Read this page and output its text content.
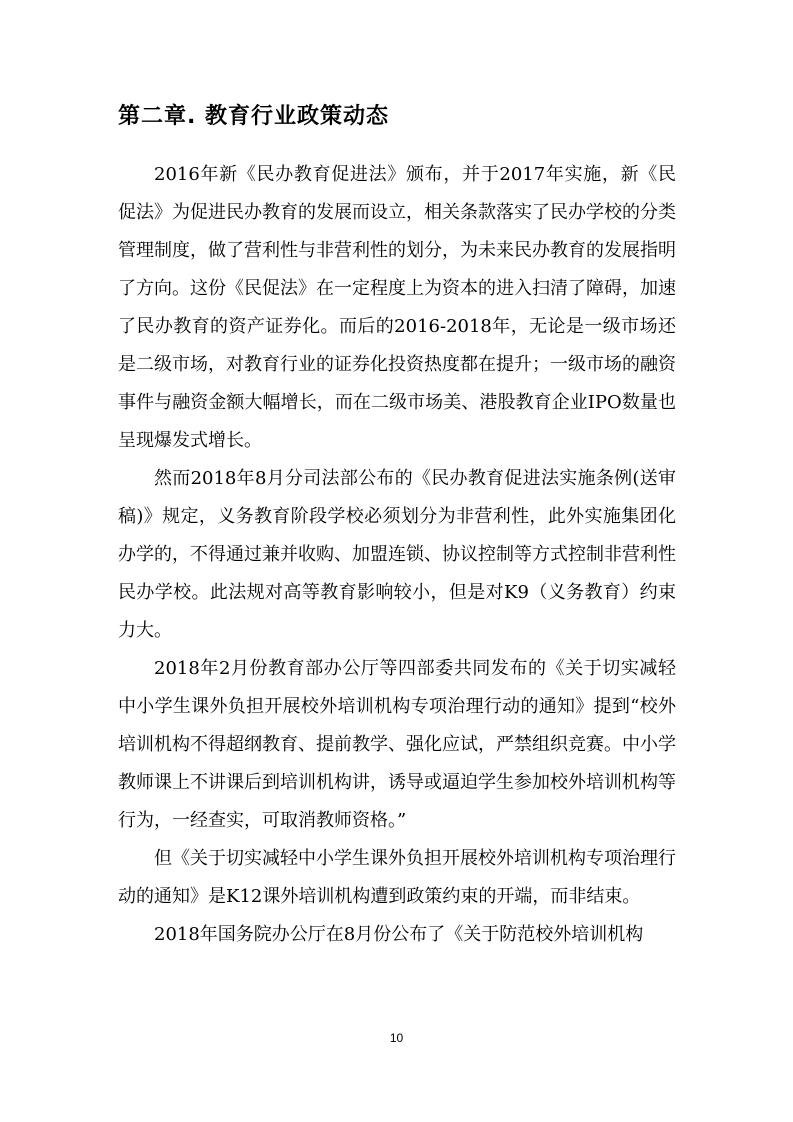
第二章. 教育行业政策动态

2016年新《民办教育促进法》颁布，并于2017年实施，新《民促法》为促进民办教育的发展而设立，相关条款落实了民办学校的分类管理制度，做了营利性与非营利性的划分，为未来民办教育的发展指明了方向。这份《民促法》在一定程度上为资本的进入扫清了障碍，加速了民办教育的资产证券化。而后的2016-2018年，无论是一级市场还是二级市场，对教育行业的证券化投资热度都在提升；一级市场的融资事件与融资金额大幅增长，而在二级市场美、港股教育企业IPO数量也呈现爆发式增长。

然而2018年8月分司法部公布的《民办教育促进法实施条例(送审稿)》规定，义务教育阶段学校必须划分为非营利性，此外实施集团化办学的，不得通过兼并收购、加盟连锁、协议控制等方式控制非营利性民办学校。此法规对高等教育影响较小，但是对K9（义务教育）约束力大。

2018年2月份教育部办公厅等四部委共同发布的《关于切实减轻中小学生课外负担开展校外培训机构专项治理行动的通知》提到“校外培训机构不得超纲教育、提前教学、强化应试，严禁组织竞赛。中小学教师课上不讲课后到培训机构讲，诱导或逼迫学生参加校外培训机构等行为，一经查实，可取消教师资格。”

但《关于切实减轻中小学生课外负担开展校外培训机构专项治理行动的通知》是K12课外培训机构遭到政策约束的开端，而非结束。

2018年国务院办公厅在8月份公布了《关于防范校外培训机构

10
